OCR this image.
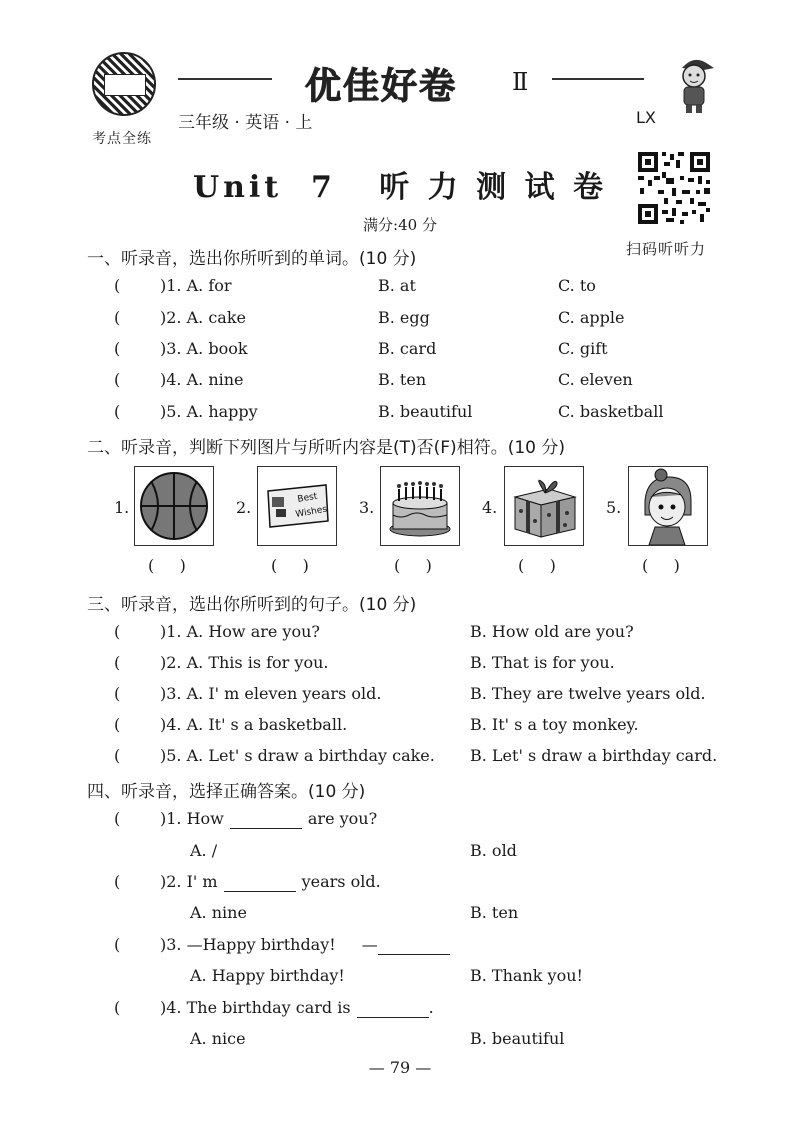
考点全练
优佳好卷 Ⅱ
三年级 · 英语 · 上	LX
Unit  7   听 力 测 试 卷
满分:40 分
扫码听听力
一、听录音，选出你所听到的单词。(10 分)
( )1. A. for	B. at	C. to
( )2. A. cake	B. egg	C. apple
( )3. A. book	B. card	C. gift
( )4. A. nine	B. ten	C. eleven
( )5. A. happy	B. beautiful	C. basketball
二、听录音，判断下列图片与所听内容是(T)否(F)相符。(10 分)
1.
(     )
2.	Best
Wishes
(     )
3.
(     )
4.
(     )
5.
(     )
三、听录音，选出你所听到的句子。(10 分)
( )1. A. How are you?	B. How old are you?
( )2. A. This is for you.	B. That is for you.
( )3. A. I' m eleven years old.	B. They are twelve years old.
( )4. A. It' s a basketball.	B. It' s a toy monkey.
( )5. A. Let' s draw a birthday cake. B. Let' s draw a birthday card.
四、听录音，选择正确答案。(10 分)
( )1. How
	are you?
A. /	B. old
( )2. I' m
	years old.
A. nine	B. ten
( )3. —Happy birthday! —

A. Happy birthday!	B. Thank you!
( )4. The birthday card is
	.
A. nice	B. beautiful
— 79 —
